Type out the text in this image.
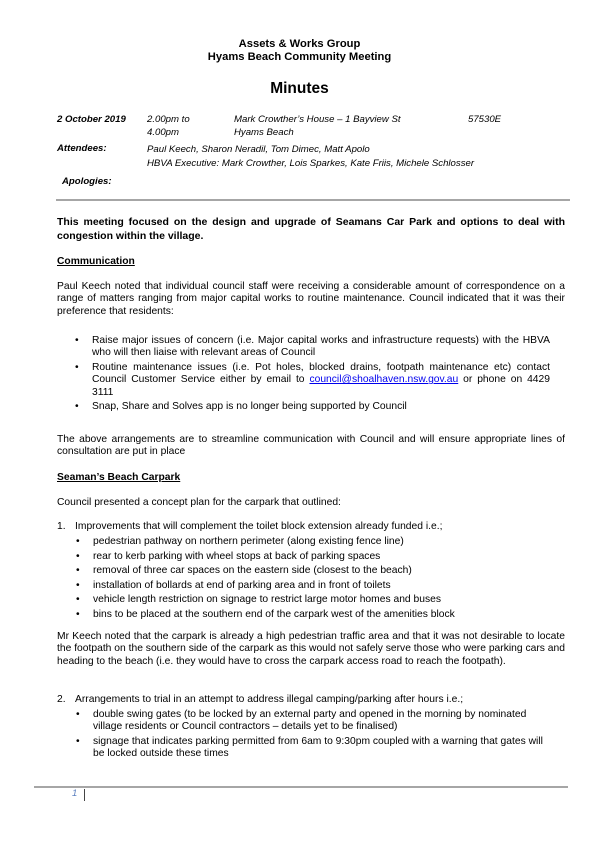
Assets & Works Group
Hyams Beach Community Meeting
Minutes
2 October 2019 2.00pm to
4.00pm
Mark Crowther’s House – 1 Bayview St
Hyams Beach
57530E
Attendees:	Paul Keech, Sharon Neradil, Tom Dimec, Matt Apolo
HBVA Executive: Mark Crowther, Lois Sparkes, Kate Friis, Michele Schlosser
Apologies:
This meeting focused on the design and upgrade of Seamans Car Park and options to deal with congestion within the village.
Communication
Paul Keech noted that individual council staff were receiving a considerable amount of correspondence on a range of matters ranging from major capital works to routine maintenance. Council indicated that it was their preference that residents:
• Raise major issues of concern (i.e. Major capital works and infrastructure requests) with the HBVA who will then liaise with relevant areas of Council
• Routine maintenance issues (i.e. Pot holes, blocked drains, footpath maintenance etc) contact Council Customer Service either by email to council@shoalhaven.nsw.gov.au or phone on 4429 3111
• Snap, Share and Solves app is no longer being supported by Council
The above arrangements are to streamline communication with Council and will ensure appropriate lines of consultation are put in place
Seaman’s Beach Carpark
Council presented a concept plan for the carpark that outlined:
1. Improvements that will complement the toilet block extension already funded i.e.;
• pedestrian pathway on northern perimeter (along existing fence line)
• rear to kerb parking with wheel stops at back of parking spaces
• removal of three car spaces on the eastern side (closest to the beach)
• installation of bollards at end of parking area and in front of toilets
• vehicle length restriction on signage to restrict large motor homes and buses
• bins to be placed at the southern end of the carpark west of the amenities block
Mr Keech noted that the carpark is already a high pedestrian traffic area and that it was not desirable to locate the footpath on the southern side of the carpark as this would not safely serve those who were parking cars and heading to the beach (i.e. they would have to cross the carpark access road to reach the footpath).
2. Arrangements to trial in an attempt to address illegal camping/parking after hours i.e.;
• double swing gates (to be locked by an external party and opened in the morning by nominated village residents or Council contractors – details yet to be finalised)
• signage that indicates parking permitted from 6am to 9:30pm coupled with a warning that gates will be locked outside these times
1
